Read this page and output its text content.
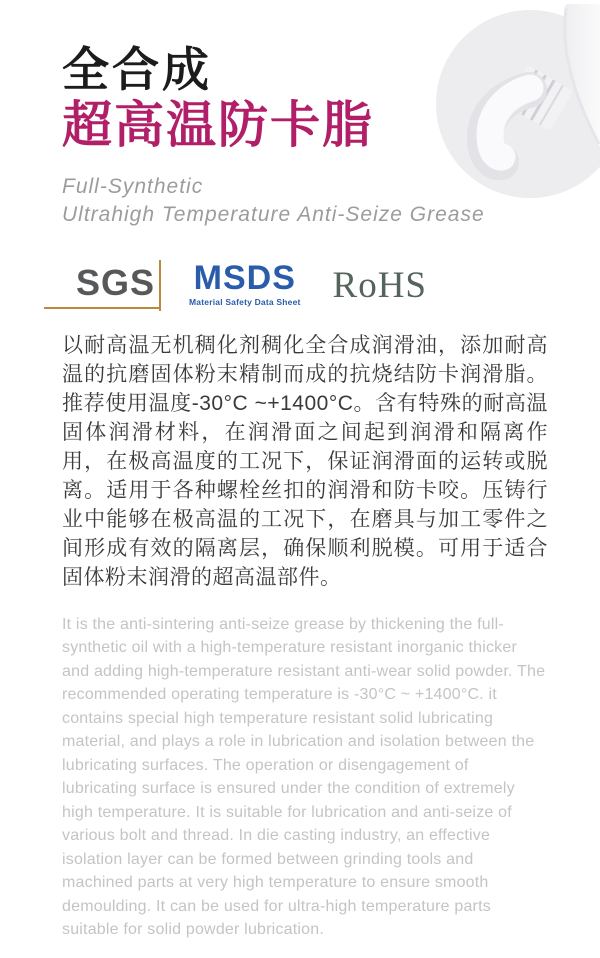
全合成
超高温防卡脂
Full-Synthetic
Ultrahigh Temperature Anti-Seize Grease
SGS MSDS
Material Safety Data Sheet RoHS

以耐高温无机稠化剂稠化全合成润滑油，添加耐高温的抗磨固体粉末精制而成的抗烧结防卡润滑脂。推荐使用温度-30°C ~+1400°C。含有特殊的耐高温固体润滑材料，在润滑面之间起到润滑和隔离作用，在极高温度的工况下，保证润滑面的运转或脱离。适用于各种螺栓丝扣的润滑和防卡咬。压铸行业中能够在极高温的工况下，在磨具与加工零件之间形成有效的隔离层，确保顺利脱模。可用于适合固体粉末润滑的超高温部件。

It is the anti-sintering anti-seize grease by thickening the full-synthetic oil with a high-temperature resistant inorganic thicker and adding high-temperature resistant anti-wear solid powder. The recommended operating temperature is -30°C ~ +1400°C. it contains special high temperature resistant solid lubricating material, and plays a role in lubrication and isolation between the lubricating surfaces. The operation or disengagement of lubricating surface is ensured under the condition of extremely high temperature. It is suitable for lubrication and anti-seize of various bolt and thread. In die casting industry, an effective isolation layer can be formed between grinding tools and machined parts at very high temperature to ensure smooth demoulding. It can be used for ultra-high temperature parts suitable for solid powder lubrication.
